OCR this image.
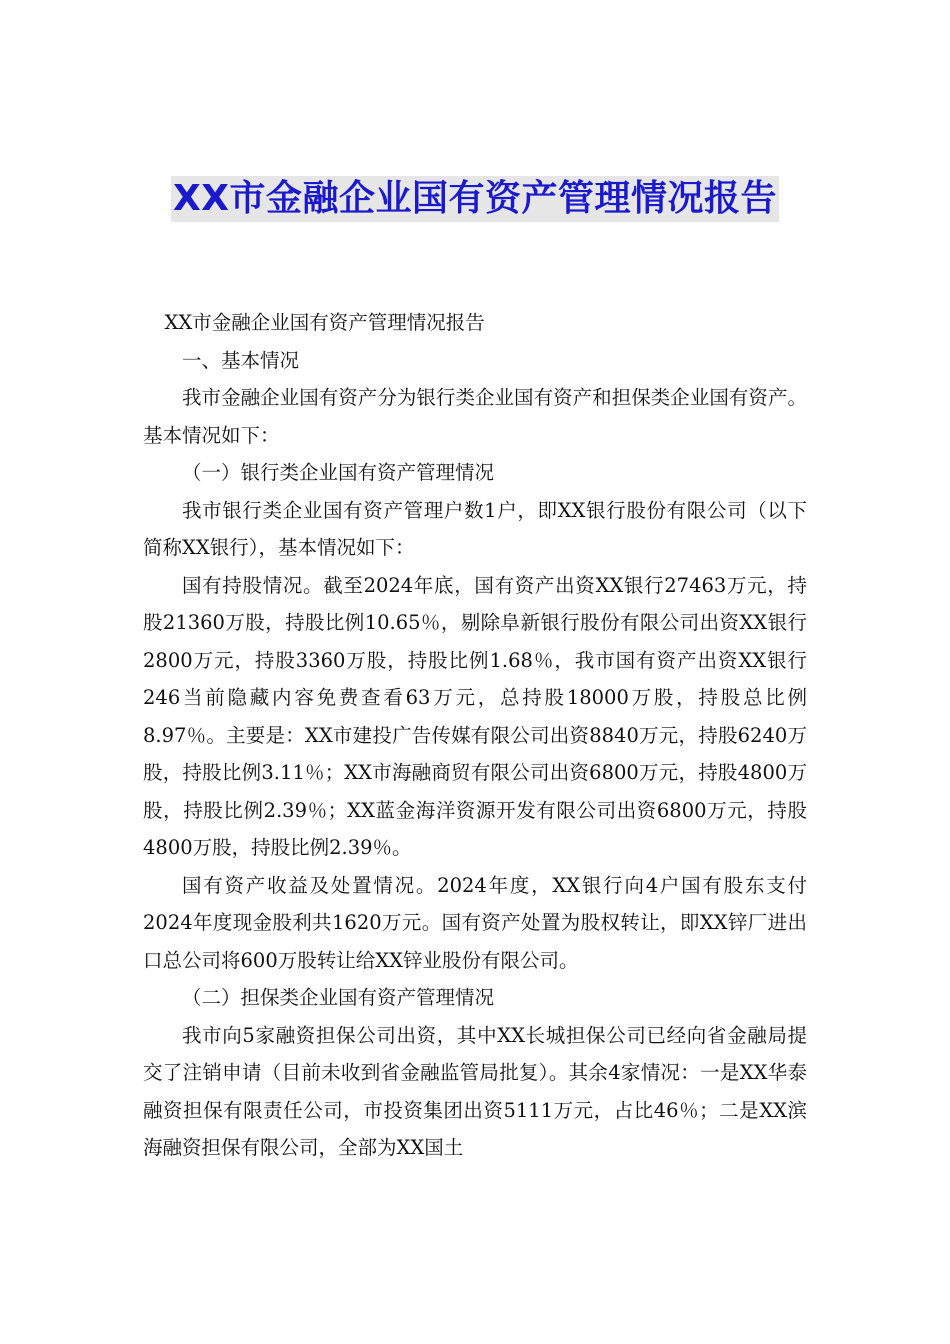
XX市金融企业国有资产管理情况报告

XX市金融企业国有资产管理情况报告

一、基本情况

我市金融企业国有资产分为银行类企业国有资产和担保类企业国有资产。基本情况如下：

（一）银行类企业国有资产管理情况

我市银行类企业国有资产管理户数1户，即XX银行股份有限公司（以下简称XX银行），基本情况如下：

国有持股情况。截至2024年底，国有资产出资XX银行27463万元，持股21360万股，持股比例10.65％，剔除阜新银行股份有限公司出资XX银行2800万元，持股3360万股，持股比例1.68％，我市国有资产出资XX银行246当前隐藏内容免费查看63万元，总持股18000万股，持股总比例8.97％。主要是：XX市建投广告传媒有限公司出资8840万元，持股6240万股，持股比例3.11％；XX市海融商贸有限公司出资6800万元，持股4800万股，持股比例2.39％；XX蓝金海洋资源开发有限公司出资6800万元，持股4800万股，持股比例2.39％。

国有资产收益及处置情况。2024年度，XX银行向4户国有股东支付2024年度现金股利共1620万元。国有资产处置为股权转让，即XX锌厂进出口总公司将600万股转让给XX锌业股份有限公司。

（二）担保类企业国有资产管理情况

我市向5家融资担保公司出资，其中XX长城担保公司已经向省金融局提交了注销申请（目前未收到省金融监管局批复）。其余4家情况：一是XX华泰融资担保有限责任公司，市投资集团出资5111万元，占比46％；二是XX滨海融资担保有限公司，全部为XX国土
